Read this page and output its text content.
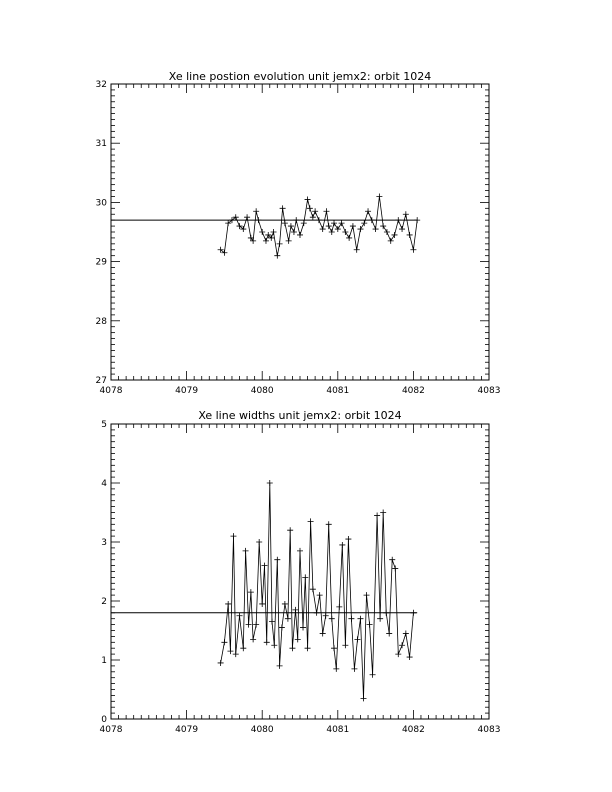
Xe line postion evolution unit jemx2: orbit 1024
4078	4079	4080	4081	4082	4083
27
28
29
30
31
32
Xe line widths unit jemx2: orbit 1024
4078	4079	4080	4081	4082	4083
0
1
2
3
4
5
